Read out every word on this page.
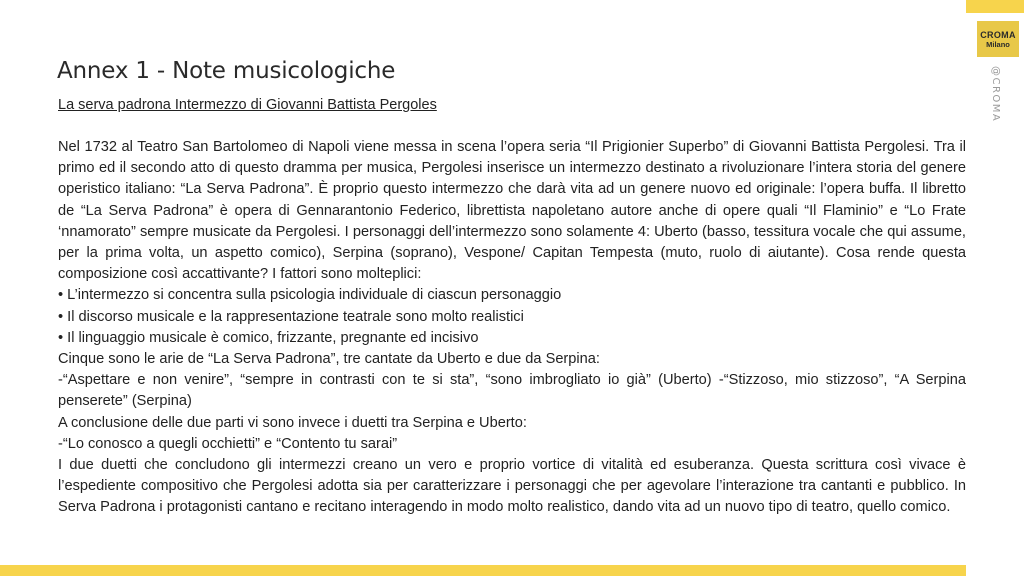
CROMA
Milano
@CROMA
Annex 1 - Note musicologiche
La serva padrona Intermezzo di Giovanni Battista Pergoles

Nel 1732 al Teatro San Bartolomeo di Napoli viene messa in scena l’opera seria “Il Prigionier Superbo” di Giovanni Battista Pergolesi. Tra il primo ed il secondo atto di questo dramma per musica, Pergolesi inserisce un intermezzo destinato a rivoluzionare l’intera storia del genere operistico italiano: “La Serva Padrona”. È proprio questo intermezzo che darà vita ad un genere nuovo ed originale: l’opera buffa. Il libretto de “La Serva Padrona” è opera di Gennarantonio Federico, librettista napoletano autore anche di opere quali “Il Flaminio” e “Lo Frate ‘nnamorato” sempre musicate da Pergolesi. I personaggi dell’intermezzo sono solamente 4: Uberto (basso, tessitura vocale che qui assume, per la prima volta, un aspetto comico), Serpina (soprano), Vespone/ Capitan Tempesta (muto, ruolo di aiutante). Cosa rende questa composizione così accattivante? I fattori sono molteplici:

• L’intermezzo si concentra sulla psicologia individuale di ciascun personaggio

• Il discorso musicale e la rappresentazione teatrale sono molto realistici

• Il linguaggio musicale è comico, frizzante, pregnante ed incisivo

Cinque sono le arie de “La Serva Padrona”, tre cantate da Uberto e due da Serpina:

-“Aspettare e non venire”, “sempre in contrasti con te si sta”, “sono imbrogliato io già” (Uberto) -“Stizzoso, mio stizzoso”, “A Serpina penserete” (Serpina)

A conclusione delle due parti vi sono invece i duetti tra Serpina e Uberto:

-“Lo conosco a quegli occhietti” e “Contento tu sarai”

I due duetti che concludono gli intermezzi creano un vero e proprio vortice di vitalità ed esuberanza. Questa scrittura così vivace è l’espediente compositivo che Pergolesi adotta sia per caratterizzare i personaggi che per agevolare l’interazione tra cantanti e pubblico. In Serva Padrona i protagonisti cantano e recitano interagendo in modo molto realistico, dando vita ad un nuovo tipo di teatro, quello comico.
